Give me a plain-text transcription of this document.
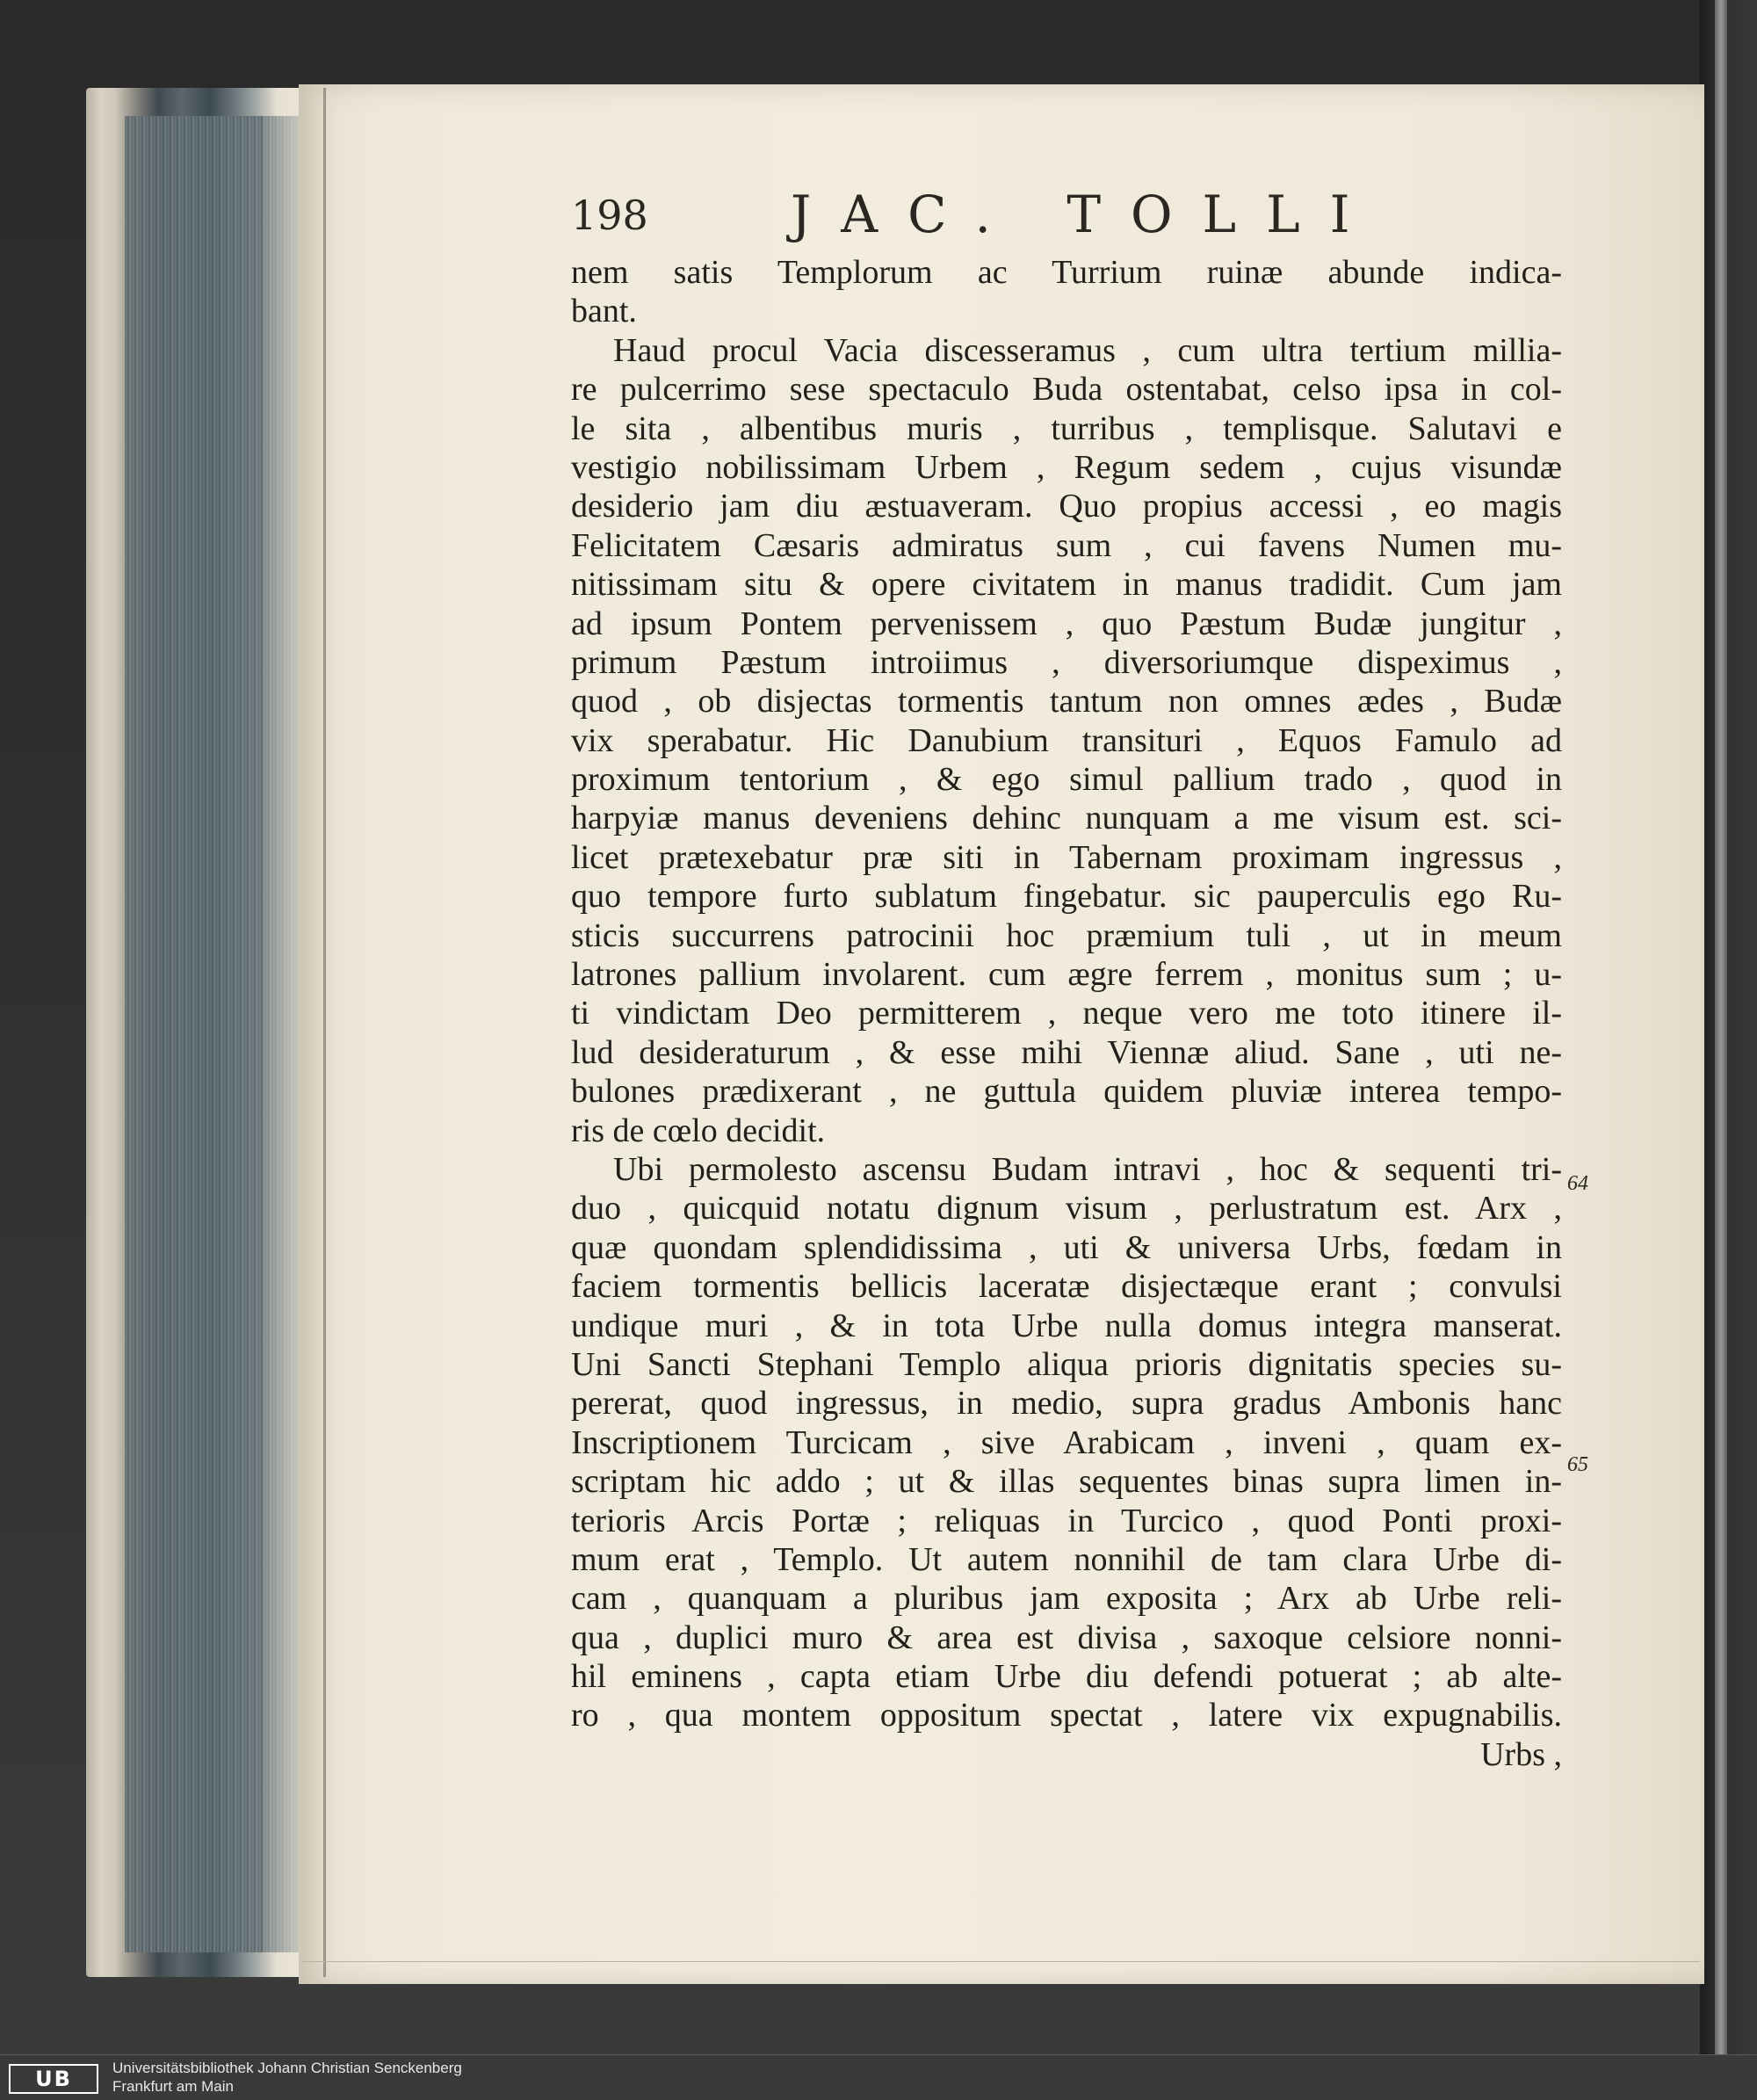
198	JAC. TOLLI
nem satis Templorum ac Turrium ruinæ abunde indica-
bant.
Haud procul Vacia discesseramus , cum ultra tertium millia-
re pulcerrimo sese spectaculo Buda ostentabat, celso ipsa in col-
le sita , albentibus muris , turribus , templisque. Salutavi e
vestigio nobilissimam Urbem , Regum sedem , cujus visundæ
desiderio jam diu æstuaveram. Quo propius accessi , eo magis
Felicitatem Cæsaris admiratus sum , cui favens Numen mu-
nitissimam situ & opere civitatem in manus tradidit. Cum jam
ad ipsum Pontem pervenissem , quo Pæstum Budæ jungitur ,
primum Pæstum introiimus , diversoriumque dispeximus ,
quod , ob disjectas tormentis tantum non omnes ædes , Budæ
vix sperabatur. Hic Danubium transituri , Equos Famulo ad
proximum tentorium , & ego simul pallium trado , quod in
harpyiæ manus deveniens dehinc nunquam a me visum est. sci-
licet prætexebatur præ siti in Tabernam proximam ingressus ,
quo tempore furto sublatum fingebatur. sic pauperculis ego Ru-
sticis succurrens patrocinii hoc præmium tuli , ut in meum
latrones pallium involarent. cum ægre ferrem , monitus sum ; u-
ti vindictam Deo permitterem , neque vero me toto itinere il-
lud desideraturum , & esse mihi Viennæ aliud. Sane , uti ne-
bulones prædixerant , ne guttula quidem pluviæ interea tempo-
ris de cœlo decidit.
Ubi permolesto ascensu Budam intravi , hoc & sequenti tri-
duo , quicquid notatu dignum visum , perlustratum est. Arx ,
quæ quondam splendidissima , uti & universa Urbs, fœdam in
faciem tormentis bellicis laceratæ disjectæque erant ; convulsi
undique muri , & in tota Urbe nulla domus integra manserat.
Uni Sancti Stephani Templo aliqua prioris dignitatis species su-
pererat, quod ingressus, in medio, supra gradus Ambonis hanc
Inscriptionem Turcicam , sive Arabicam , inveni , quam ex-
scriptam hic addo ; ut & illas sequentes binas supra limen in-
terioris Arcis Portæ ; reliquas in Turcico , quod Ponti proxi-
mum erat , Templo. Ut autem nonnihil de tam clara Urbe di-
cam , quanquam a pluribus jam exposita ; Arx ab Urbe reli-
qua , duplici muro & area est divisa , saxoque celsiore nonni-
hil eminens , capta etiam Urbe diu defendi potuerat ; ab alte-
ro , qua montem oppositum spectat , latere vix expugnabilis.
Urbs ,
64
65
UB	Universitätsbibliothek Johann Christian Senckenberg
Frankfurt am Main
